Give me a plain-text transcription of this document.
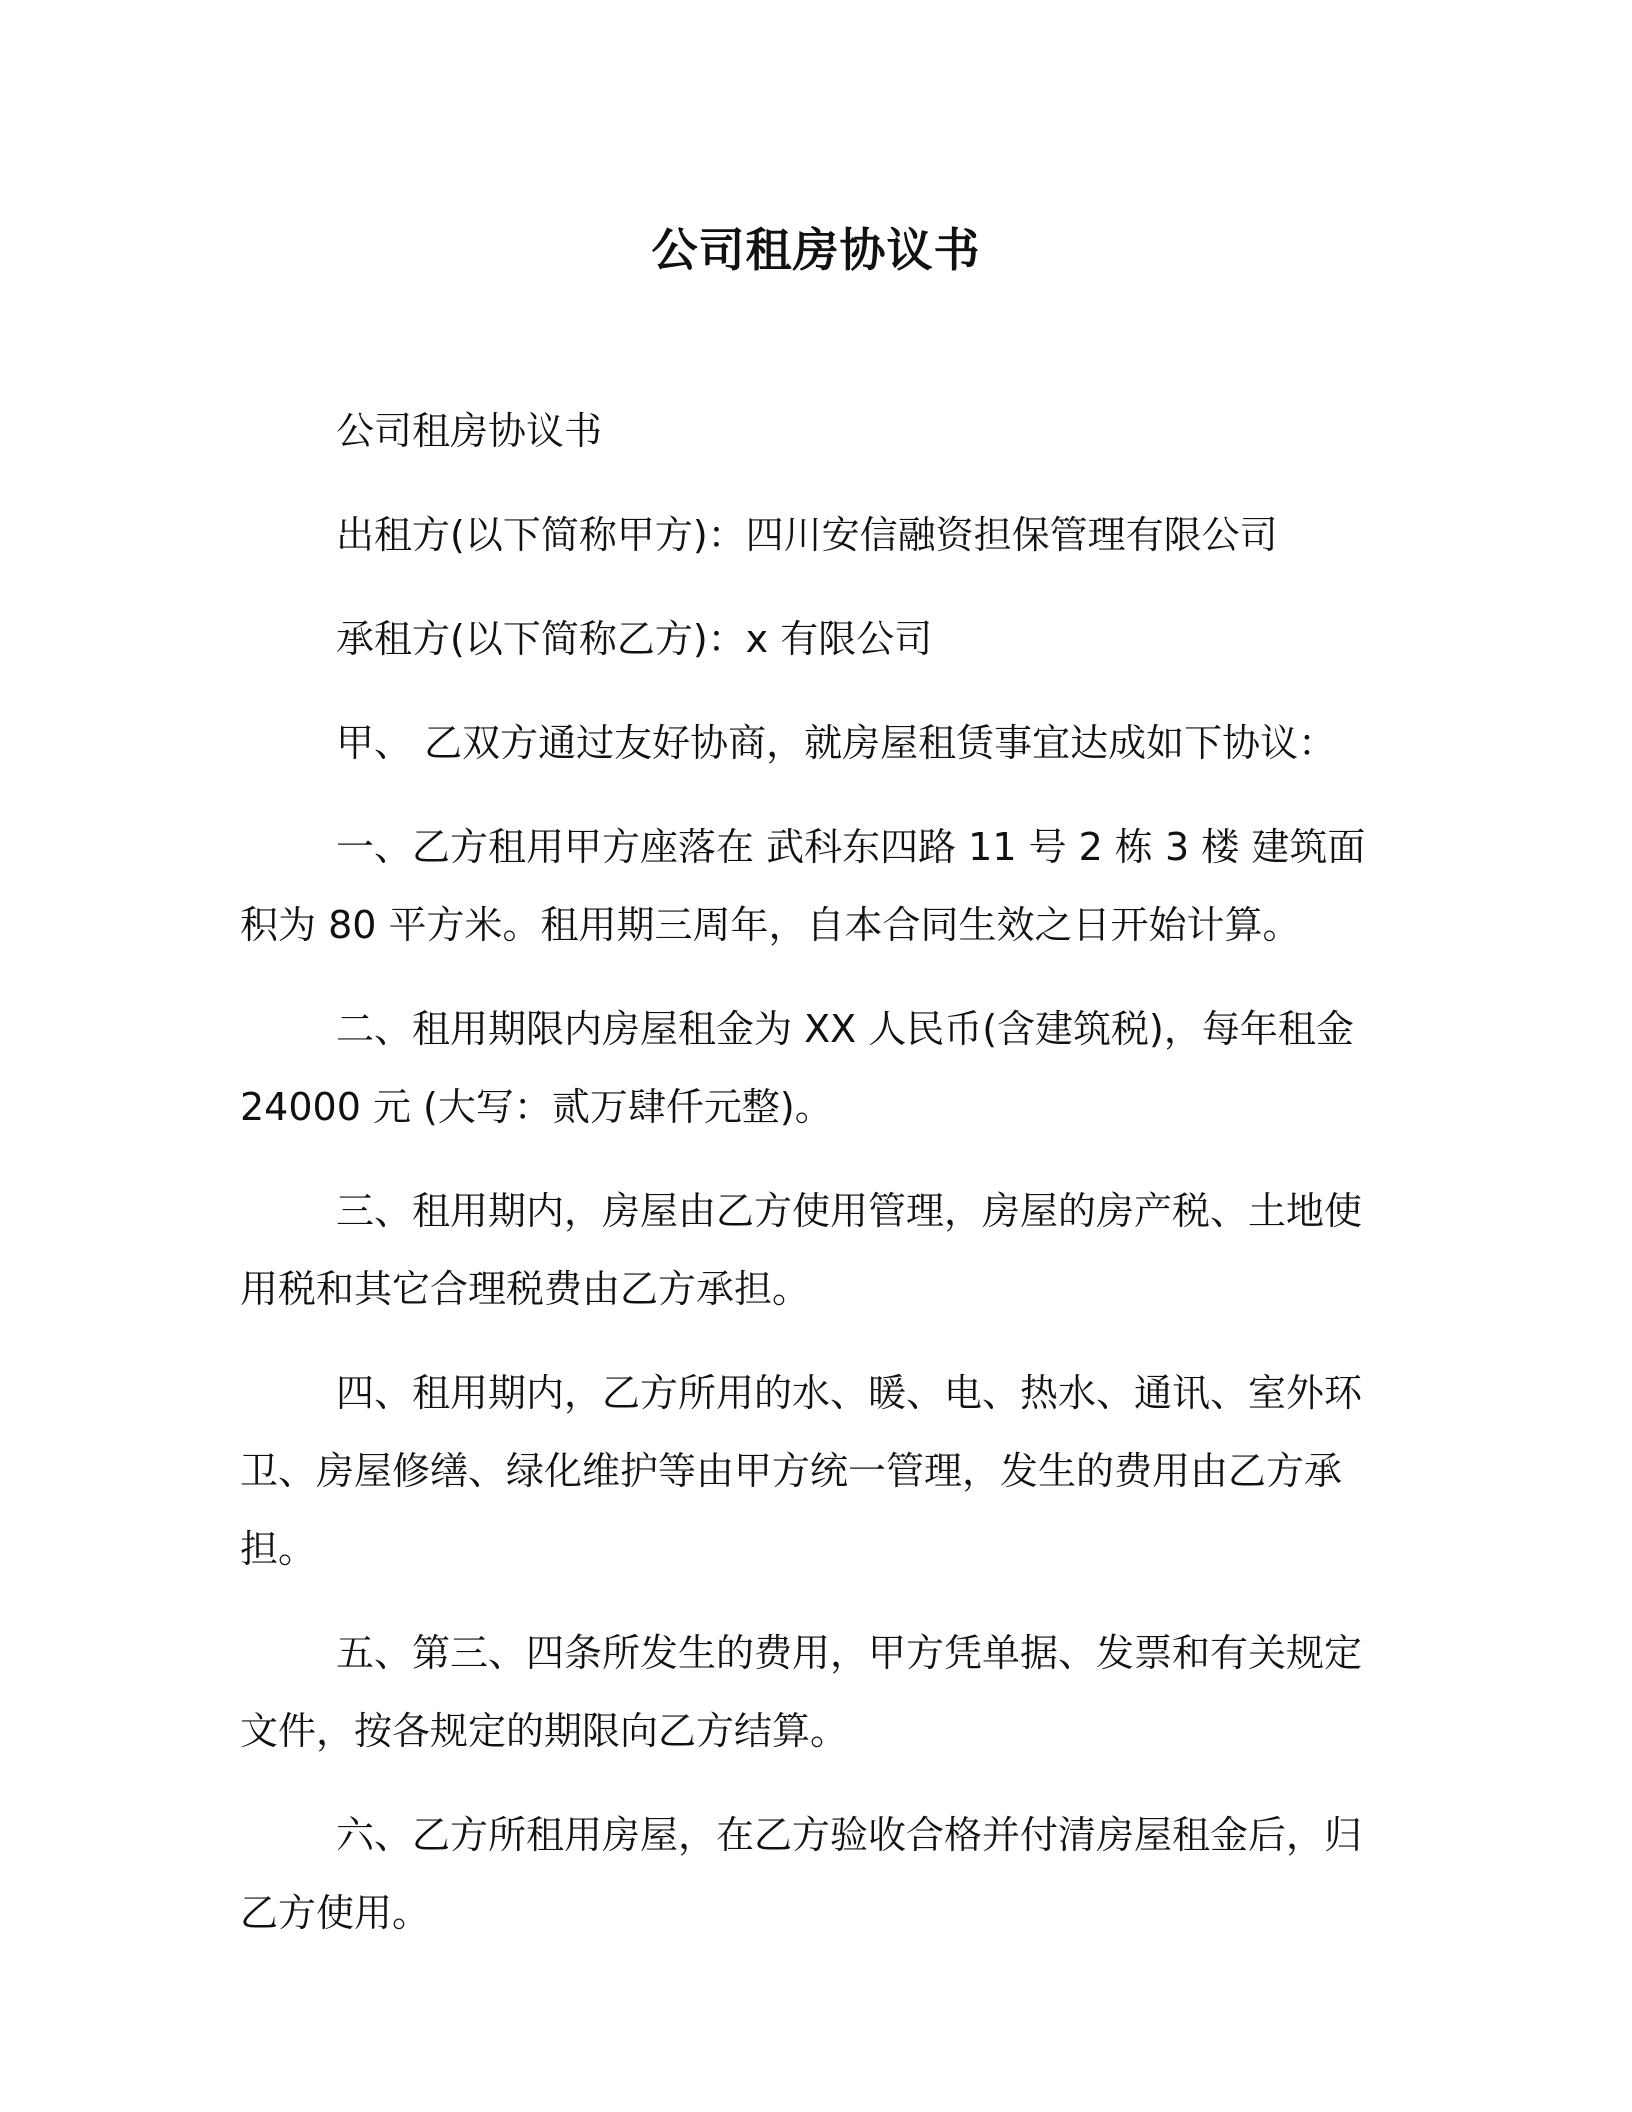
公司租房协议书

公司租房协议书

出租方(以下简称甲方)：四川安信融资担保管理有限公司

承租方(以下简称乙方)：x 有限公司

甲、 乙双方通过友好协商，就房屋租赁事宜达成如下协议：

一、乙方租用甲方座落在 武科东四路 11 号 2 栋 3 楼 建筑面积为 80 平方米。租用期三周年，自本合同生效之日开始计算。

二、租用期限内房屋租金为 XX 人民币(含建筑税)，每年租金 24000 元 (大写：贰万肆仟元整)。

三、租用期内，房屋由乙方使用管理，房屋的房产税、土地使用税和其它合理税费由乙方承担。

四、租用期内，乙方所用的水、暖、电、热水、通讯、室外环卫、房屋修缮、绿化维护等由甲方统一管理，发生的费用由乙方承担。

五、第三、四条所发生的费用，甲方凭单据、发票和有关规定文件，按各规定的期限向乙方结算。

六、乙方所租用房屋，在乙方验收合格并付清房屋租金后，归乙方使用。
